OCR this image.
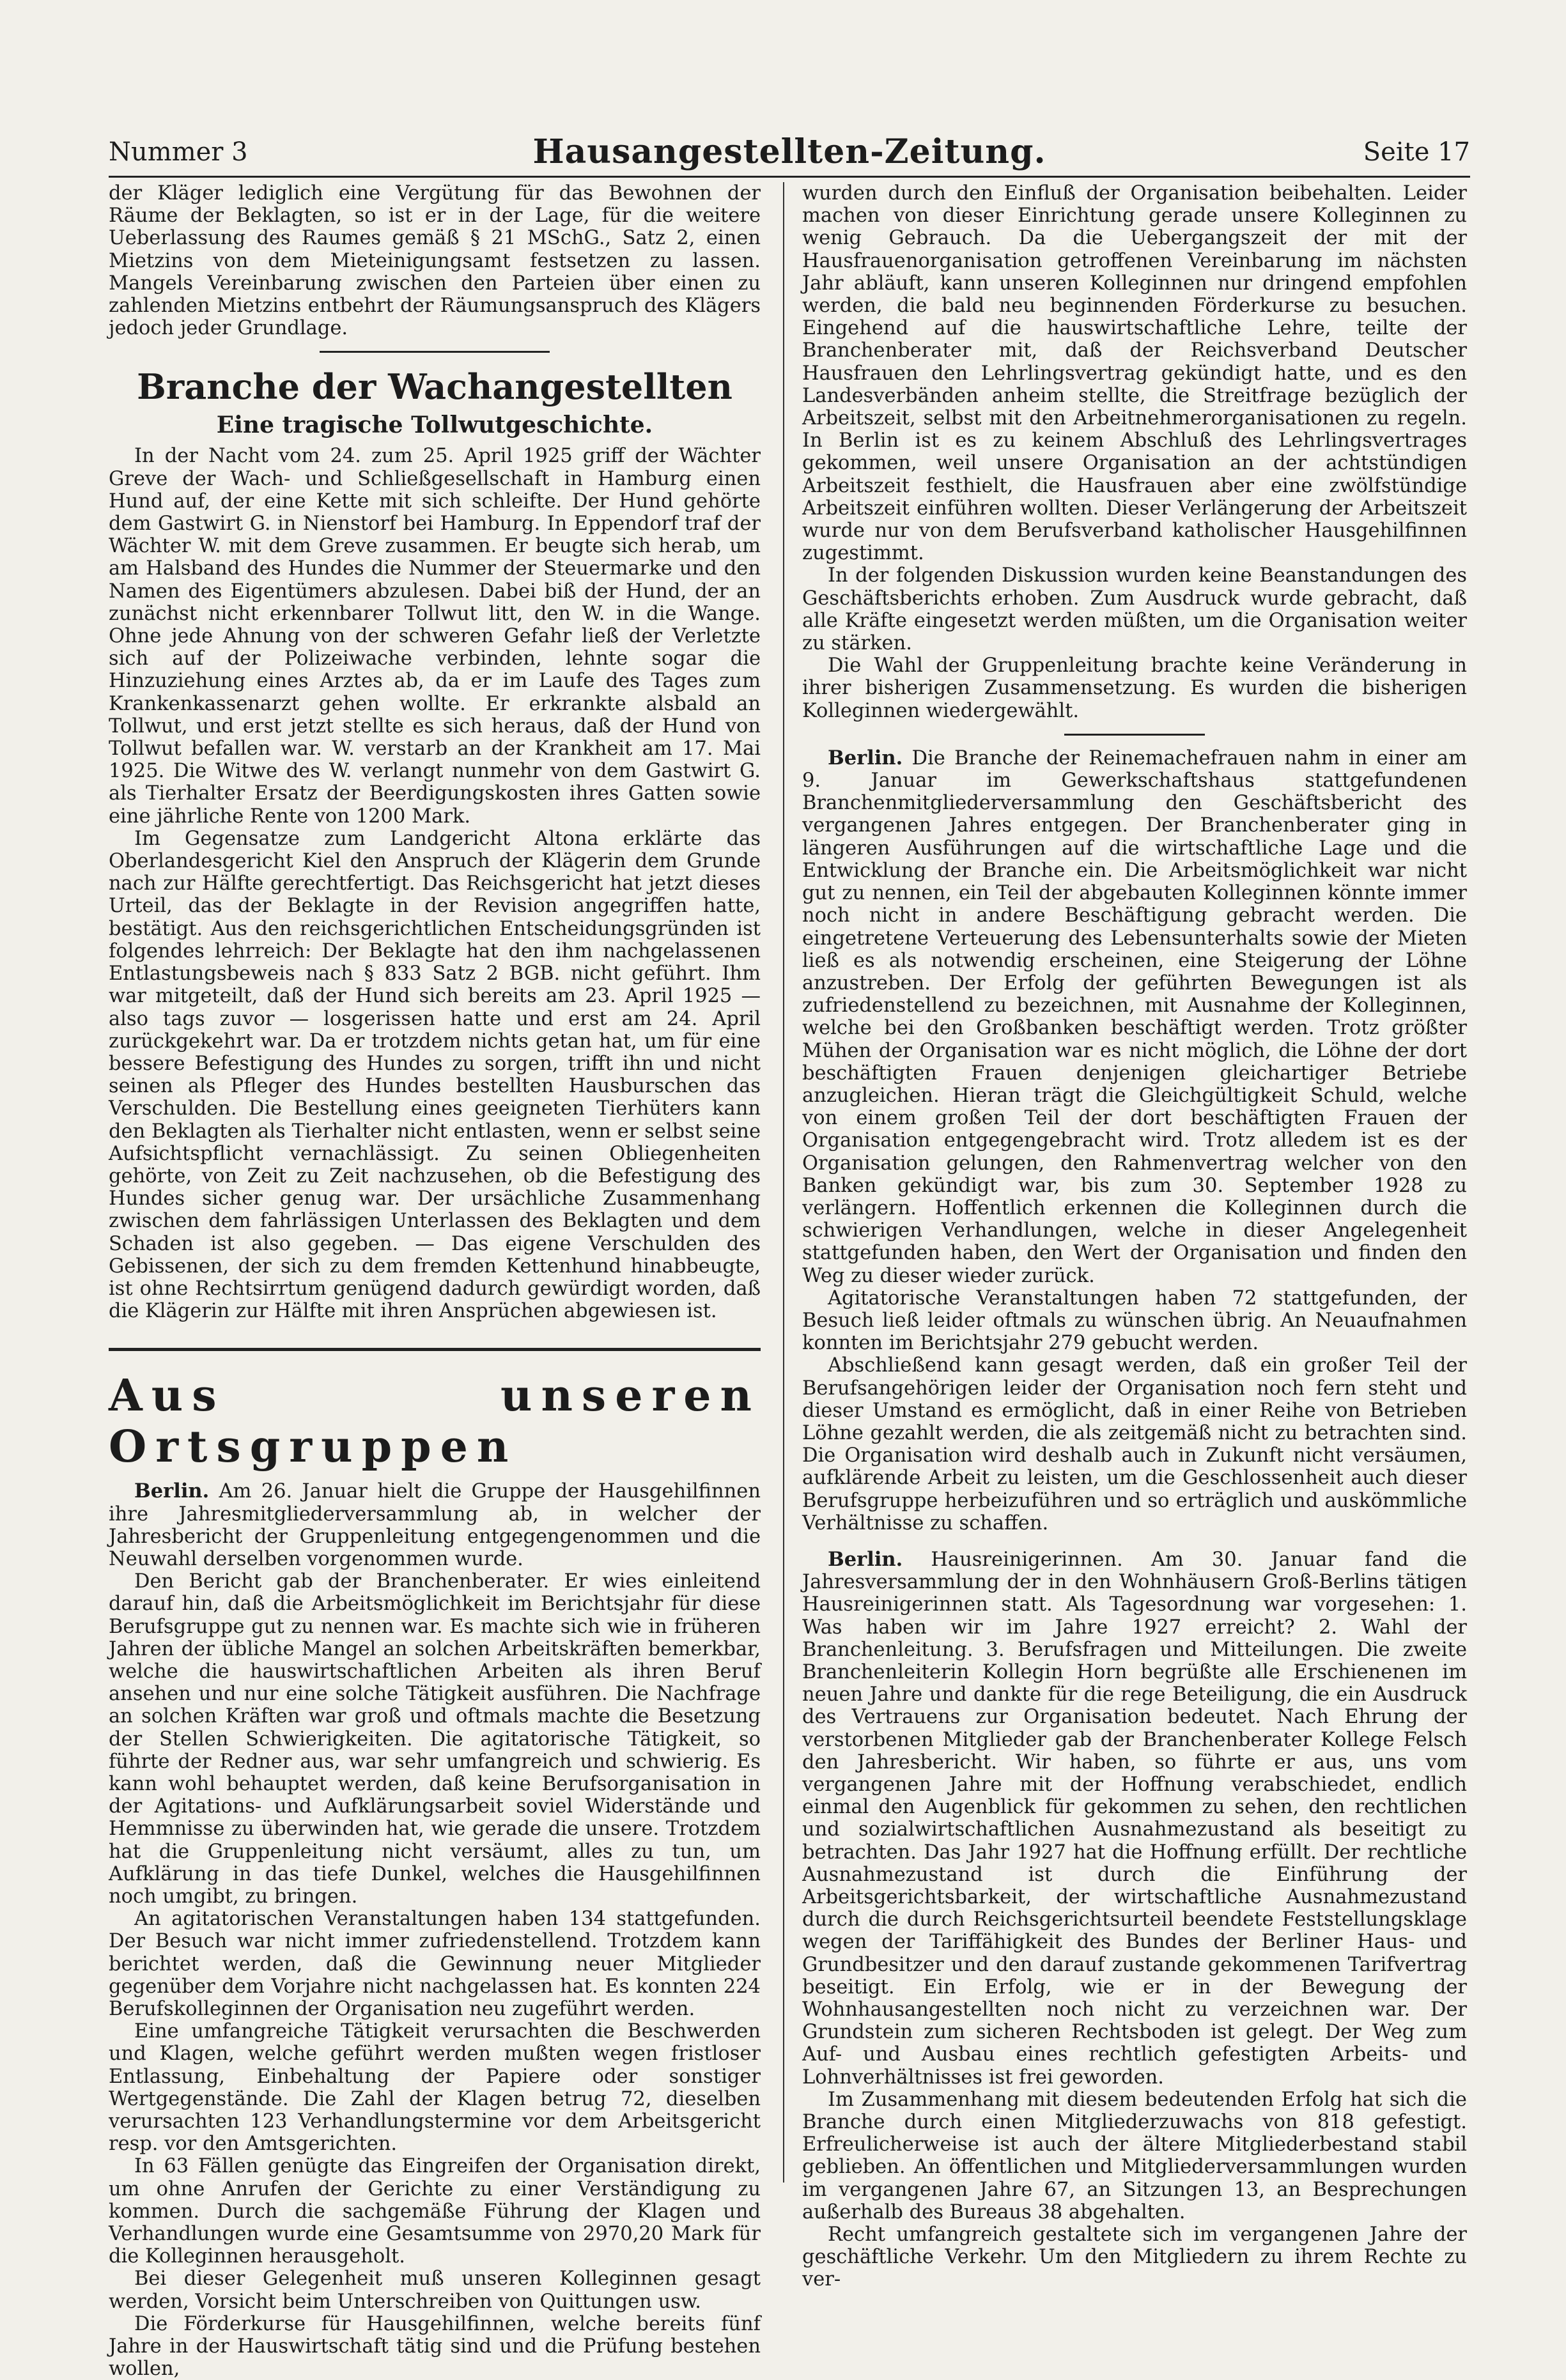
Nummer 3	Hausangestellten-Zeitung.	Seite 17

der Kläger lediglich eine Vergütung für das Bewohnen der Räume der Beklagten, so ist er in der Lage, für die weitere Ueberlassung des Raumes gemäß § 21 MSchG., Satz 2, einen Mietzins von dem Mieteinigungsamt festsetzen zu lassen. Mangels Vereinbarung zwischen den Parteien über einen zu zahlenden Mietzins entbehrt der Räumungsanspruch des Klägers jedoch jeder Grundlage.

Branche der Wachangestellten
Eine tragische Tollwutgeschichte.

In der Nacht vom 24. zum 25. April 1925 griff der Wächter Greve der Wach- und Schließgesellschaft in Hamburg einen Hund auf, der eine Kette mit sich schleifte. Der Hund gehörte dem Gastwirt G. in Nienstorf bei Hamburg. In Eppendorf traf der Wächter W. mit dem Greve zusammen. Er beugte sich herab, um am Halsband des Hundes die Nummer der Steuermarke und den Namen des Eigentümers abzulesen. Dabei biß der Hund, der an zunächst nicht erkennbarer Tollwut litt, den W. in die Wange. Ohne jede Ahnung von der schweren Gefahr ließ der Verletzte sich auf der Polizeiwache verbinden, lehnte sogar die Hinzuziehung eines Arztes ab, da er im Laufe des Tages zum Krankenkassenarzt gehen wollte. Er erkrankte alsbald an Tollwut, und erst jetzt stellte es sich heraus, daß der Hund von Tollwut befallen war. W. verstarb an der Krankheit am 17. Mai 1925. Die Witwe des W. verlangt nunmehr von dem Gastwirt G. als Tierhalter Ersatz der Beerdigungskosten ihres Gatten sowie eine jährliche Rente von 1200 Mark.

Im Gegensatze zum Landgericht Altona erklärte das Oberlandesgericht Kiel den Anspruch der Klägerin dem Grunde nach zur Hälfte gerechtfertigt. Das Reichsgericht hat jetzt dieses Urteil, das der Beklagte in der Revision angegriffen hatte, bestätigt. Aus den reichsgerichtlichen Entscheidungsgründen ist folgendes lehrreich: Der Beklagte hat den ihm nachgelassenen Entlastungsbeweis nach § 833 Satz 2 BGB. nicht geführt. Ihm war mitgeteilt, daß der Hund sich bereits am 23. April 1925 — also tags zuvor — losgerissen hatte und erst am 24. April zurückgekehrt war. Da er trotzdem nichts getan hat, um für eine bessere Befestigung des Hundes zu sorgen, trifft ihn und nicht seinen als Pfleger des Hundes bestellten Hausburschen das Verschulden. Die Bestellung eines geeigneten Tierhüters kann den Beklagten als Tierhalter nicht entlasten, wenn er selbst seine Aufsichtspflicht vernachlässigt. Zu seinen Obliegenheiten gehörte, von Zeit zu Zeit nachzusehen, ob die Befestigung des Hundes sicher genug war. Der ursächliche Zusammenhang zwischen dem fahrlässigen Unterlassen des Beklagten und dem Schaden ist also gegeben. — Das eigene Verschulden des Gebissenen, der sich zu dem fremden Kettenhund hinabbeugte, ist ohne Rechtsirrtum genügend dadurch gewürdigt worden, daß die Klägerin zur Hälfte mit ihren Ansprüchen abgewiesen ist.

Aus unseren Ortsgruppen

Berlin. Am 26. Januar hielt die Gruppe der Hausgehilfinnen ihre Jahresmitgliederversammlung ab, in welcher der Jahresbericht der Gruppenleitung entgegengenommen und die Neuwahl derselben vorgenommen wurde.

Den Bericht gab der Branchenberater. Er wies einleitend darauf hin, daß die Arbeitsmöglichkeit im Berichtsjahr für diese Berufsgruppe gut zu nennen war. Es machte sich wie in früheren Jahren der übliche Mangel an solchen Arbeitskräften bemerkbar, welche die hauswirtschaftlichen Arbeiten als ihren Beruf ansehen und nur eine solche Tätigkeit ausführen. Die Nachfrage an solchen Kräften war groß und oftmals machte die Besetzung der Stellen Schwierigkeiten. Die agitatorische Tätigkeit, so führte der Redner aus, war sehr umfangreich und schwierig. Es kann wohl behauptet werden, daß keine Berufsorganisation in der Agitations- und Aufklärungsarbeit soviel Widerstände und Hemmnisse zu überwinden hat, wie gerade die unsere. Trotzdem hat die Gruppenleitung nicht versäumt, alles zu tun, um Aufklärung in das tiefe Dunkel, welches die Hausgehilfinnen noch umgibt, zu bringen.

An agitatorischen Veranstaltungen haben 134 stattgefunden. Der Besuch war nicht immer zufriedenstellend. Trotzdem kann berichtet werden, daß die Gewinnung neuer Mitglieder gegenüber dem Vorjahre nicht nachgelassen hat. Es konnten 224 Berufskolleginnen der Organisation neu zugeführt werden.

Eine umfangreiche Tätigkeit verursachten die Beschwerden und Klagen, welche geführt werden mußten wegen fristloser Entlassung, Einbehaltung der Papiere oder sonstiger Wertgegenstände. Die Zahl der Klagen betrug 72, dieselben verursachten 123 Verhandlungstermine vor dem Arbeitsgericht resp. vor den Amtsgerichten.

In 63 Fällen genügte das Eingreifen der Organisation direkt, um ohne Anrufen der Gerichte zu einer Verständigung zu kommen. Durch die sachgemäße Führung der Klagen und Verhandlungen wurde eine Gesamtsumme von 2970,20 Mark für die Kolleginnen herausgeholt.

Bei dieser Gelegenheit muß unseren Kolleginnen gesagt werden, Vorsicht beim Unterschreiben von Quittungen usw.

Die Förderkurse für Hausgehilfinnen, welche bereits fünf Jahre in der Hauswirtschaft tätig sind und die Prüfung bestehen wollen,

wurden durch den Einfluß der Organisation beibehalten. Leider machen von dieser Einrichtung gerade unsere Kolleginnen zu wenig Gebrauch. Da die Uebergangszeit der mit der Hausfrauenorganisation getroffenen Vereinbarung im nächsten Jahr abläuft, kann unseren Kolleginnen nur dringend empfohlen werden, die bald neu beginnenden Förderkurse zu besuchen. Eingehend auf die hauswirtschaftliche Lehre, teilte der Branchenberater mit, daß der Reichsverband Deutscher Hausfrauen den Lehrlingsvertrag gekündigt hatte, und es den Landesverbänden anheim stellte, die Streitfrage bezüglich der Arbeitszeit, selbst mit den Arbeitnehmerorganisationen zu regeln. In Berlin ist es zu keinem Abschluß des Lehrlingsvertrages gekommen, weil unsere Organisation an der achtstündigen Arbeitszeit festhielt, die Hausfrauen aber eine zwölfstündige Arbeitszeit einführen wollten. Dieser Verlängerung der Arbeitszeit wurde nur von dem Berufsverband katholischer Hausgehilfinnen zugestimmt.

In der folgenden Diskussion wurden keine Beanstandungen des Geschäftsberichts erhoben. Zum Ausdruck wurde gebracht, daß alle Kräfte eingesetzt werden müßten, um die Organisation weiter zu stärken.

Die Wahl der Gruppenleitung brachte keine Veränderung in ihrer bisherigen Zusammensetzung. Es wurden die bisherigen Kolleginnen wiedergewählt.

Berlin. Die Branche der Reinemachefrauen nahm in einer am 9. Januar im Gewerkschaftshaus stattgefundenen Branchenmitgliederversammlung den Geschäftsbericht des vergangenen Jahres entgegen. Der Branchenberater ging in längeren Ausführungen auf die wirtschaftliche Lage und die Entwicklung der Branche ein. Die Arbeitsmöglichkeit war nicht gut zu nennen, ein Teil der abgebauten Kolleginnen könnte immer noch nicht in andere Beschäftigung gebracht werden. Die eingetretene Verteuerung des Lebensunterhalts sowie der Mieten ließ es als notwendig erscheinen, eine Steigerung der Löhne anzustreben. Der Erfolg der geführten Bewegungen ist als zufriedenstellend zu bezeichnen, mit Ausnahme der Kolleginnen, welche bei den Großbanken beschäftigt werden. Trotz größter Mühen der Organisation war es nicht möglich, die Löhne der dort beschäftigten Frauen denjenigen gleichartiger Betriebe anzugleichen. Hieran trägt die Gleichgültigkeit Schuld, welche von einem großen Teil der dort beschäftigten Frauen der Organisation entgegengebracht wird. Trotz alledem ist es der Organisation gelungen, den Rahmenvertrag welcher von den Banken gekündigt war, bis zum 30. September 1928 zu verlängern. Hoffentlich erkennen die Kolleginnen durch die schwierigen Verhandlungen, welche in dieser Angelegenheit stattgefunden haben, den Wert der Organisation und finden den Weg zu dieser wieder zurück.

Agitatorische Veranstaltungen haben 72 stattgefunden, der Besuch ließ leider oftmals zu wünschen übrig. An Neuaufnahmen konnten im Berichtsjahr 279 gebucht werden.

Abschließend kann gesagt werden, daß ein großer Teil der Berufsangehörigen leider der Organisation noch fern steht und dieser Umstand es ermöglicht, daß in einer Reihe von Betrieben Löhne gezahlt werden, die als zeitgemäß nicht zu betrachten sind. Die Organisation wird deshalb auch in Zukunft nicht versäumen, aufklärende Arbeit zu leisten, um die Geschlossenheit auch dieser Berufsgruppe herbeizuführen und so erträglich und auskömmliche Verhältnisse zu schaffen.

Berlin. Hausreinigerinnen. Am 30. Januar fand die Jahresversammlung der in den Wohnhäusern Groß-Berlins tätigen Hausreinigerinnen statt. Als Tagesordnung war vorgesehen: 1. Was haben wir im Jahre 1927 erreicht? 2. Wahl der Branchenleitung. 3. Berufsfragen und Mitteilungen. Die zweite Branchenleiterin Kollegin Horn begrüßte alle Erschienenen im neuen Jahre und dankte für die rege Beteiligung, die ein Ausdruck des Vertrauens zur Organisation bedeutet. Nach Ehrung der verstorbenen Mitglieder gab der Branchenberater Kollege Felsch den Jahresbericht. Wir haben, so führte er aus, uns vom vergangenen Jahre mit der Hoffnung verabschiedet, endlich einmal den Augenblick für gekommen zu sehen, den rechtlichen und sozialwirtschaftlichen Ausnahmezustand als beseitigt zu betrachten. Das Jahr 1927 hat die Hoffnung erfüllt. Der rechtliche Ausnahmezustand ist durch die Einführung der Arbeitsgerichtsbarkeit, der wirtschaftliche Ausnahmezustand durch die durch Reichsgerichtsurteil beendete Feststellungsklage wegen der Tariffähigkeit des Bundes der Berliner Haus- und Grundbesitzer und den darauf zustande gekommenen Tarifvertrag beseitigt. Ein Erfolg, wie er in der Bewegung der Wohnhausangestellten noch nicht zu verzeichnen war. Der Grundstein zum sicheren Rechtsboden ist gelegt. Der Weg zum Auf- und Ausbau eines rechtlich gefestigten Arbeits- und Lohnverhältnisses ist frei geworden.

Im Zusammenhang mit diesem bedeutenden Erfolg hat sich die Branche durch einen Mitgliederzuwachs von 818 gefestigt. Erfreulicherweise ist auch der ältere Mitgliederbestand stabil geblieben. An öffentlichen und Mitgliederversammlungen wurden im vergangenen Jahre 67, an Sitzungen 13, an Besprechungen außerhalb des Bureaus 38 abgehalten.

Recht umfangreich gestaltete sich im vergangenen Jahre der geschäftliche Verkehr. Um den Mitgliedern zu ihrem Rechte zu ver-
